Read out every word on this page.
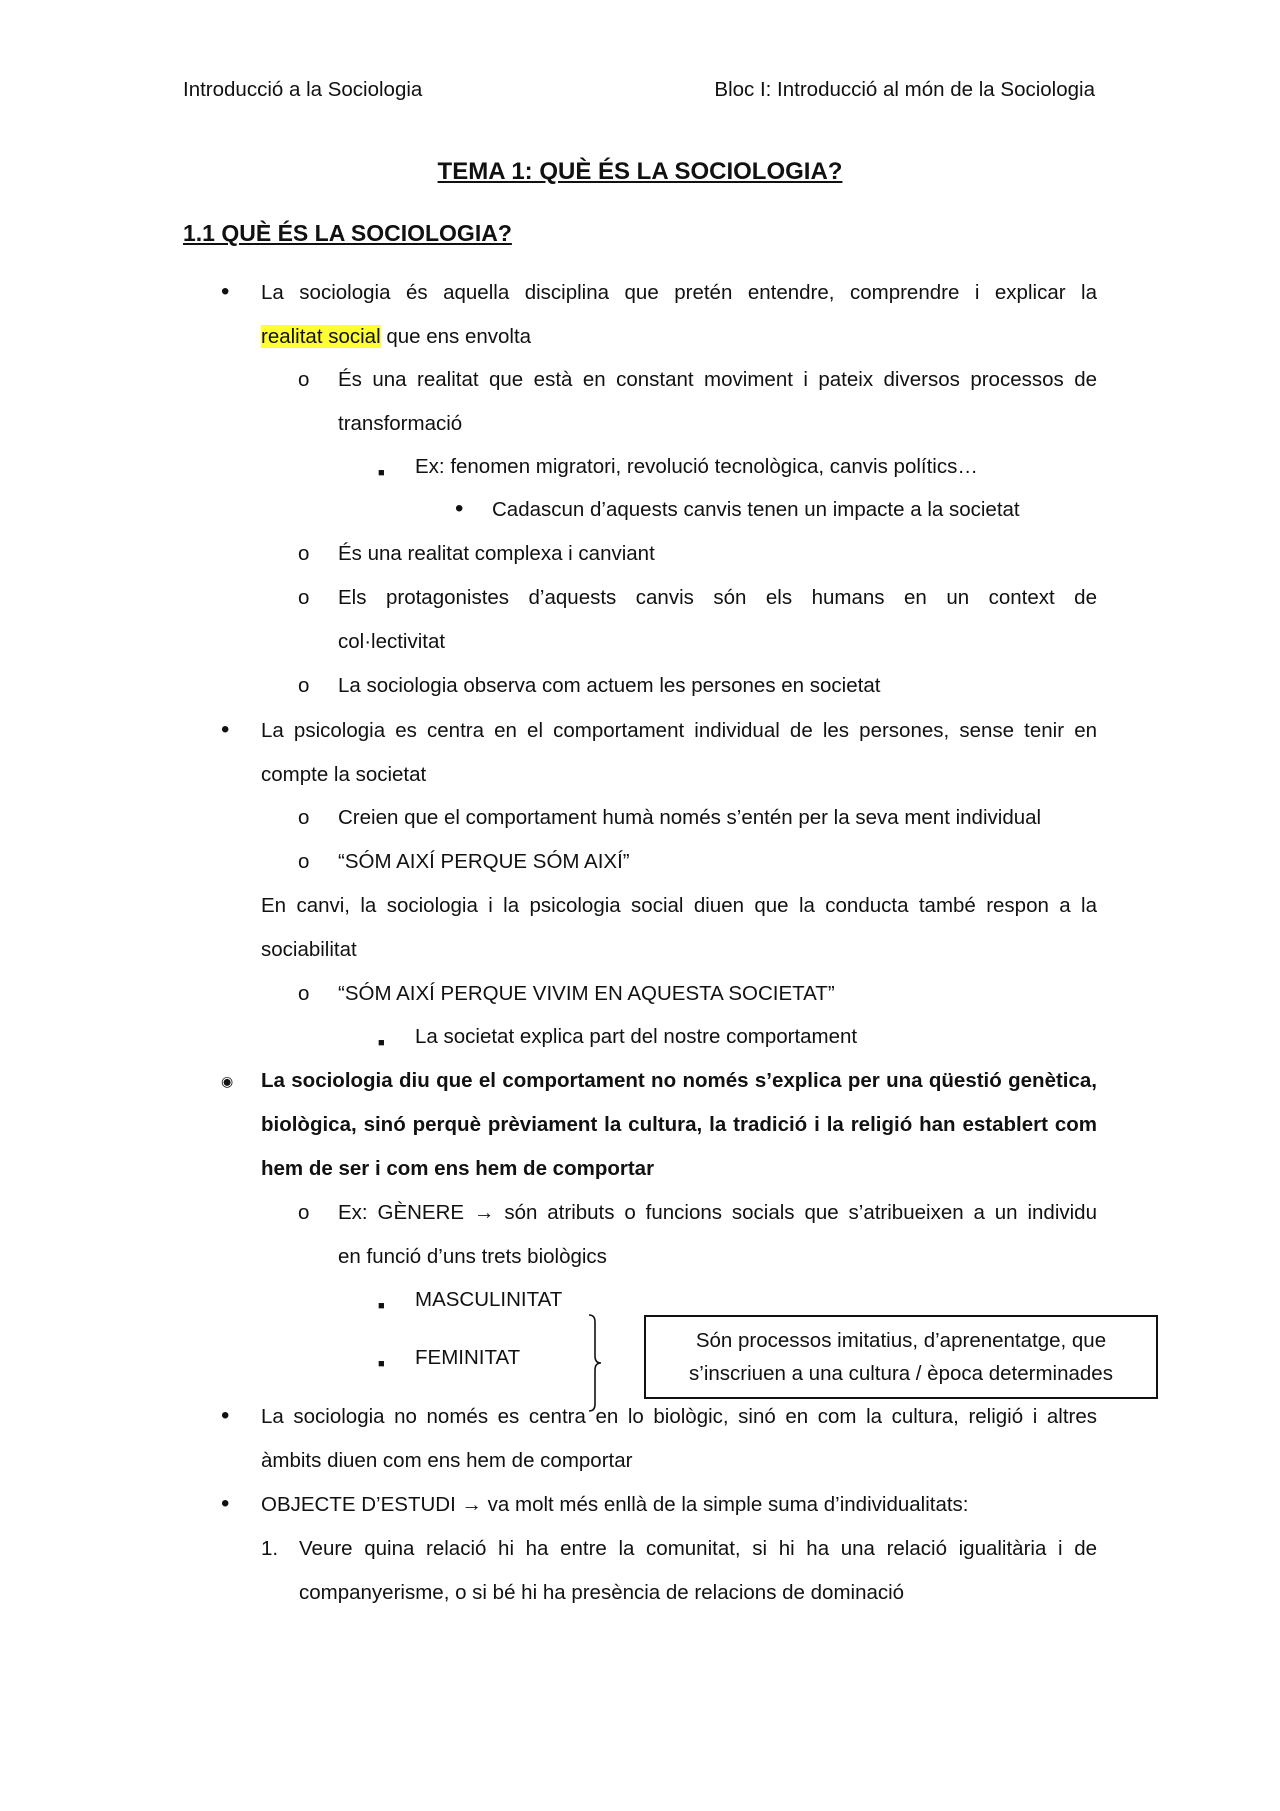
Introducció a la Sociologia	Bloc I: Introducció al món de la Sociologia
TEMA 1: QUÈ ÉS LA SOCIOLOGIA?
1.1 QUÈ ÉS LA SOCIOLOGIA?
• La sociologia és aquella disciplina que pretén entendre, comprendre i explicar la
realitat social que ens envolta
o És una realitat que està en constant moviment i pateix diversos processos de
transformació
■ Ex: fenomen migratori, revolució tecnològica, canvis polítics…
• Cadascun d’aquests canvis tenen un impacte a la societat
o És una realitat complexa i canviant
o Els protagonistes d’aquests canvis són els humans en un context de
col·lectivitat
o La sociologia observa com actuem les persones en societat
• La psicologia es centra en el comportament individual de les persones, sense tenir en
compte la societat
o Creien que el comportament humà només s’entén per la seva ment individual
o “SÓM AIXÍ PERQUE SÓM AIXÍ”
En canvi, la sociologia i la psicologia social diuen que la conducta també respon a la
sociabilitat
o “SÓM AIXÍ PERQUE VIVIM EN AQUESTA SOCIETAT”
■ La societat explica part del nostre comportament
◉ La sociologia diu que el comportament no només s’explica per una qüestió genètica,
biològica, sinó perquè prèviament la cultura, la tradició i la religió han establert com
hem de ser i com ens hem de comportar
o Ex: GÈNERE → són atributs o funcions socials que s’atribueixen a un individu
en funció d’uns trets biològics
■ MASCULINITAT
■ FEMINITAT
Són processos imitatius, d’aprenentatge, que
s’inscriuen a una cultura / època determinades
• La sociologia no només es centra en lo biològic, sinó en com la cultura, religió i altres
àmbits diuen com ens hem de comportar
• OBJECTE D’ESTUDI → va molt més enllà de la simple suma d’individualitats:
1. Veure quina relació hi ha entre la comunitat, si hi ha una relació igualitària i de
companyerisme, o si bé hi ha presència de relacions de dominació
